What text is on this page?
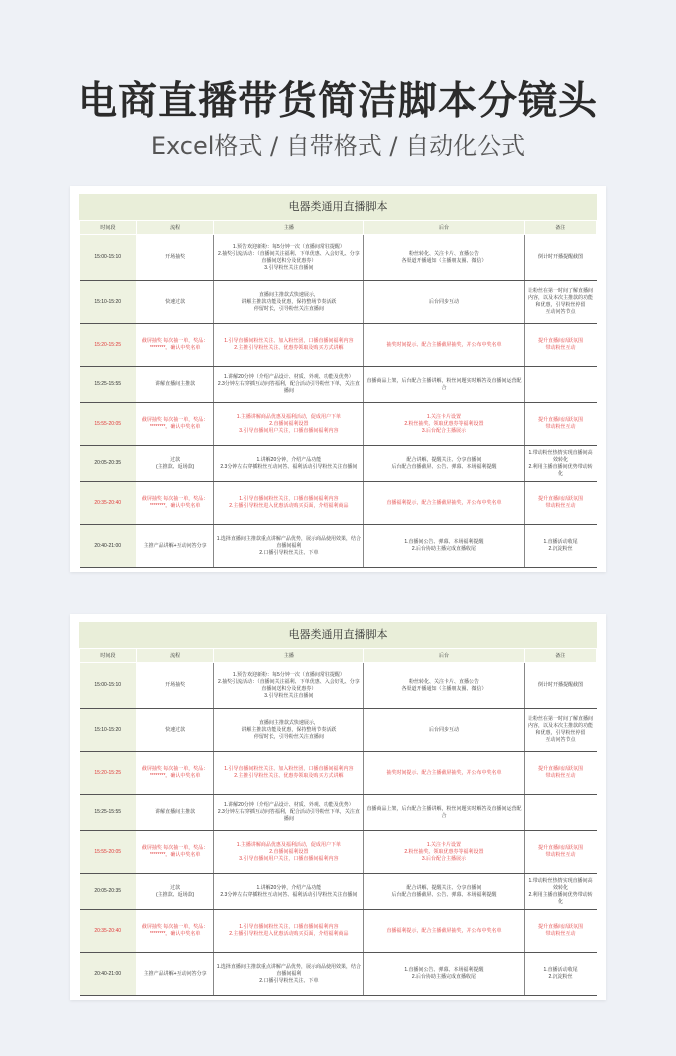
电商直播带货简洁脚本分镜头
Excel格式 / 自带格式 / 自动化公式
电器类通用直播脚本
时间段	流程	主播	后台	备注
15:00-15:10	开场抽奖	1.预告欢迎新粉：每5分钟一次（直播间常驻提醒）
2.抽奖引流活动：（直播间关注福利、下单优惠、入会好礼、分享直播间送积分及优惠券）
3.引导粉丝关注直播间	粉丝转化、关注卡片、直播公告
各渠道开播通知（主播朋友圈、微信）	倒计时开播提醒截图
15:10-15:20	快速过款	直播间主推款式快速展示，
讲解主推款功能及优惠，保持整场节奏活跃
停留时长，引导粉丝关注直播间	后台同步互动	让粉丝在第一时间了解直播间内容，以及本次主推款的功能和优惠，引导粉丝停留
互动问答节点
15:20-15:25	截屏抽奖 每次抽一单，奖品：********。确认中奖名单	1.引导直播间粉丝关注、加入粉丝团，口播直播间福利内容
2.主推引导粉丝关注、优惠券领取及购买方式讲解	抽奖时间提示、配合主播截屏抽奖，并公布中奖名单	提升直播间活跃氛围
带动粉丝互动
15:25-15:55	讲解直播间主推款	1.讲解20分钟（介绍产品设计、材质、外观、功能及优势）
2.3分钟左右穿插互动问答福利，配合活动引导粉丝下单，关注直播间	直播商品上架，后台配合主播讲解，粉丝问题实时解答及直播间运营配合	
15:55-20:05	截屏抽奖 每次抽一单，奖品：********。确认中奖名单	1.主播讲解商品优惠及福利活动，促成用户下单
2.直播间福利设置
3.引导直播间用户关注，口播直播间福利内容	1.关注卡片设置
2.粉丝抽奖、领取优惠券等福利设置
3.后台配合主播展示	提升直播间活跃氛围
带动粉丝互动
20:05-20:35	过款
(主推款、返场款)	1.讲解20分钟，介绍产品功能
2.3分钟左右穿插粉丝互动问答、福利活动引导粉丝关注直播间	配合讲解，提醒关注、分享直播间
后台配合直播截屏、公告、弹幕、本场福利提醒	1.带动粉丝热情实现直播间高效转化
2.利用主播直播间优势带动转化
20:35-20:40	截屏抽奖 每次抽一单，奖品：********。确认中奖名单	1.引导直播间粉丝关注，口播直播间福利内容
2.主播引导粉丝进入优惠活动购买页面，介绍福利商品	直播福利提示，配合主播截屏抽奖，并公布中奖名单	提升直播间活跃氛围
带动粉丝互动
20:40-21:00	主推产品讲解+互动问答分享	1.选择直播间主推款重点讲解产品优势，展示商品使用效果，结合直播间福利
2.口播引导粉丝关注、下单	1.直播间公告、弹幕、本场福利提醒
2.后台协助主播完成直播收尾	1.直播活动收尾
2.沉淀粉丝
电器类通用直播脚本
时间段	流程	主播	后台	备注
15:00-15:10	开场抽奖	1.预告欢迎新粉：每5分钟一次（直播间常驻提醒）
2.抽奖引流活动：（直播间关注福利、下单优惠、入会好礼、分享直播间送积分及优惠券）
3.引导粉丝关注直播间	粉丝转化、关注卡片、直播公告
各渠道开播通知（主播朋友圈、微信）	倒计时开播提醒截图
15:10-15:20	快速过款	直播间主推款式快速展示，
讲解主推款功能及优惠，保持整场节奏活跃
停留时长，引导粉丝关注直播间	后台同步互动	让粉丝在第一时间了解直播间内容，以及本次主推款的功能和优惠，引导粉丝停留
互动问答节点
15:20-15:25	截屏抽奖 每次抽一单，奖品：********。确认中奖名单	1.引导直播间粉丝关注、加入粉丝团，口播直播间福利内容
2.主推引导粉丝关注、优惠券领取及购买方式讲解	抽奖时间提示、配合主播截屏抽奖，并公布中奖名单	提升直播间活跃氛围
带动粉丝互动
15:25-15:55	讲解直播间主推款	1.讲解20分钟（介绍产品设计、材质、外观、功能及优势）
2.3分钟左右穿插互动问答福利，配合活动引导粉丝下单，关注直播间	直播商品上架，后台配合主播讲解，粉丝问题实时解答及直播间运营配合	
15:55-20:05	截屏抽奖 每次抽一单，奖品：********。确认中奖名单	1.主播讲解商品优惠及福利活动，促成用户下单
2.直播间福利设置
3.引导直播间用户关注，口播直播间福利内容	1.关注卡片设置
2.粉丝抽奖、领取优惠券等福利设置
3.后台配合主播展示	提升直播间活跃氛围
带动粉丝互动
20:05-20:35	过款
(主推款、返场款)	1.讲解20分钟，介绍产品功能
2.3分钟左右穿插粉丝互动问答、福利活动引导粉丝关注直播间	配合讲解，提醒关注、分享直播间
后台配合直播截屏、公告、弹幕、本场福利提醒	1.带动粉丝热情实现直播间高效转化
2.利用主播直播间优势带动转化
20:35-20:40	截屏抽奖 每次抽一单，奖品：********。确认中奖名单	1.引导直播间粉丝关注，口播直播间福利内容
2.主播引导粉丝进入优惠活动购买页面，介绍福利商品	直播福利提示，配合主播截屏抽奖，并公布中奖名单	提升直播间活跃氛围
带动粉丝互动
20:40-21:00	主推产品讲解+互动问答分享	1.选择直播间主推款重点讲解产品优势，展示商品使用效果，结合直播间福利
2.口播引导粉丝关注、下单	1.直播间公告、弹幕、本场福利提醒
2.后台协助主播完成直播收尾	1.直播活动收尾
2.沉淀粉丝
